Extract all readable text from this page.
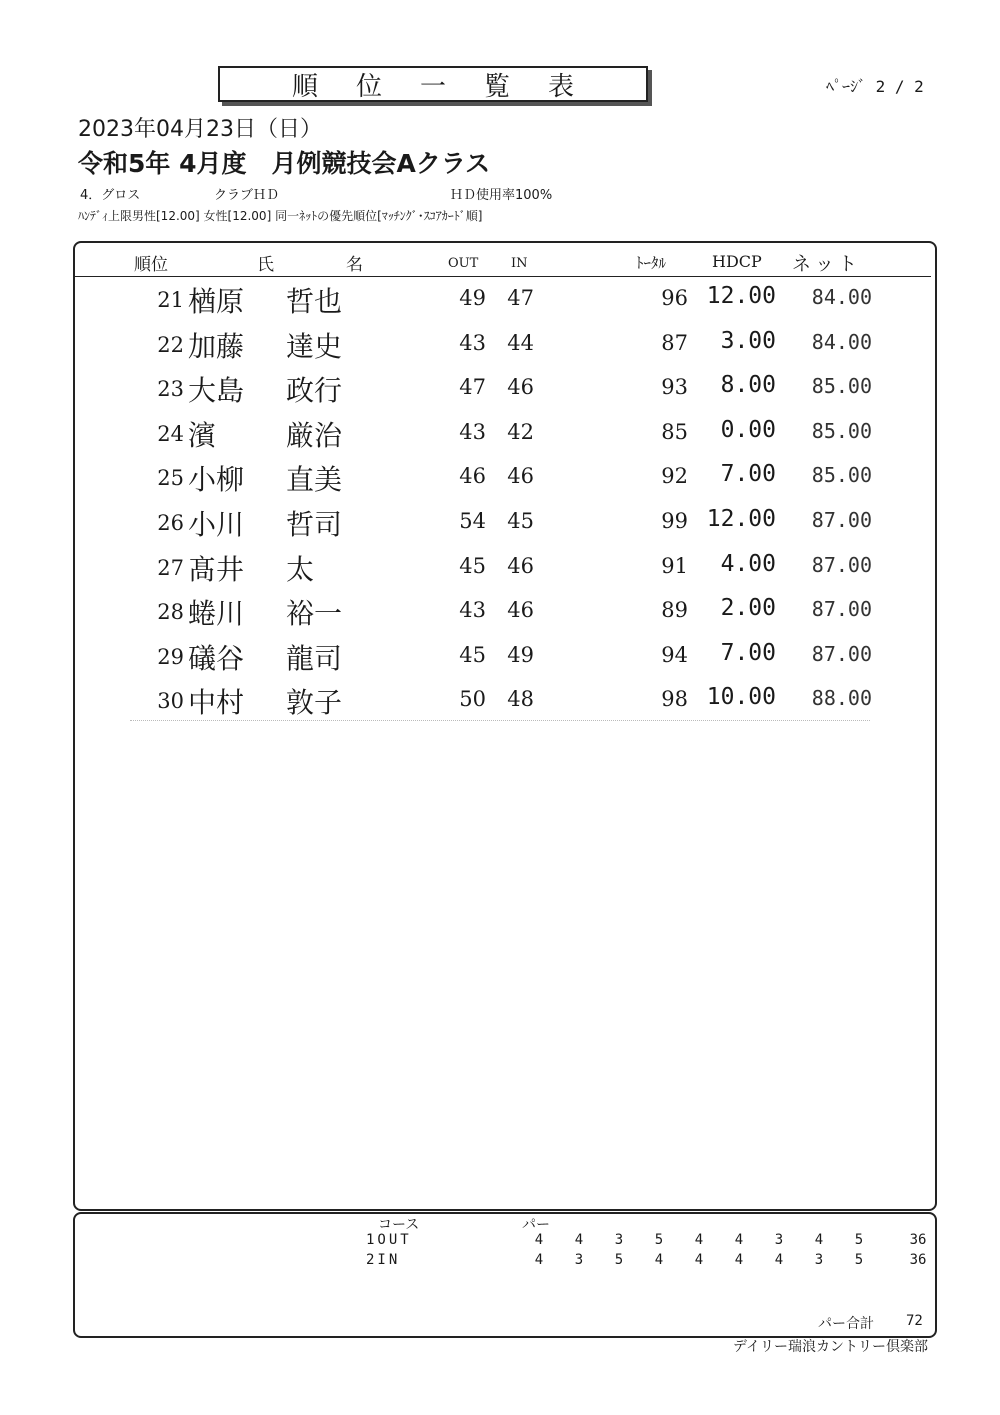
順位一覧表	ﾍﾟｰｼﾞ 2 / 2
2023年04月23日（日）
令和5年 4月度　月例競技会Aクラス
4．グロス	クラブＨＤ	ＨＤ使用率100%
ﾊﾝﾃﾞｨ上限男性[12.00] 女性[12.00] 同一ﾈｯﾄの優先順位[ﾏｯﾁﾝｸﾞ･ｽｺｱｶｰﾄﾞ順]
順位	氏	名	OUT	IN	ﾄｰﾀﾙ	HDCP ネット
21 楢原 哲也	49	47	96 12.00	84.00
22 加藤 達史	43	44	87	3.00	84.00
23 大島 政行	47	46	93	8.00	85.00
24 濱 厳治	43	42	85	0.00	85.00
25 小柳 直美	46	46	92	7.00	85.00
26 小川 哲司	54	45	99 12.00	87.00
27 髙井 太	45	46	91	4.00	87.00
28 蜷川 裕一	43	46	89	2.00	87.00
29 礒谷 龍司	45	49	94	7.00	87.00
30 中村 敦子	50	48	98 10.00	88.00
コース	パー
1OUT	4	4	3	5	4	4	3	4	5	36
2IN	4	3	5	4	4	4	4	3	5	36
パー合計 72
デイリー瑞浪カントリー倶楽部
